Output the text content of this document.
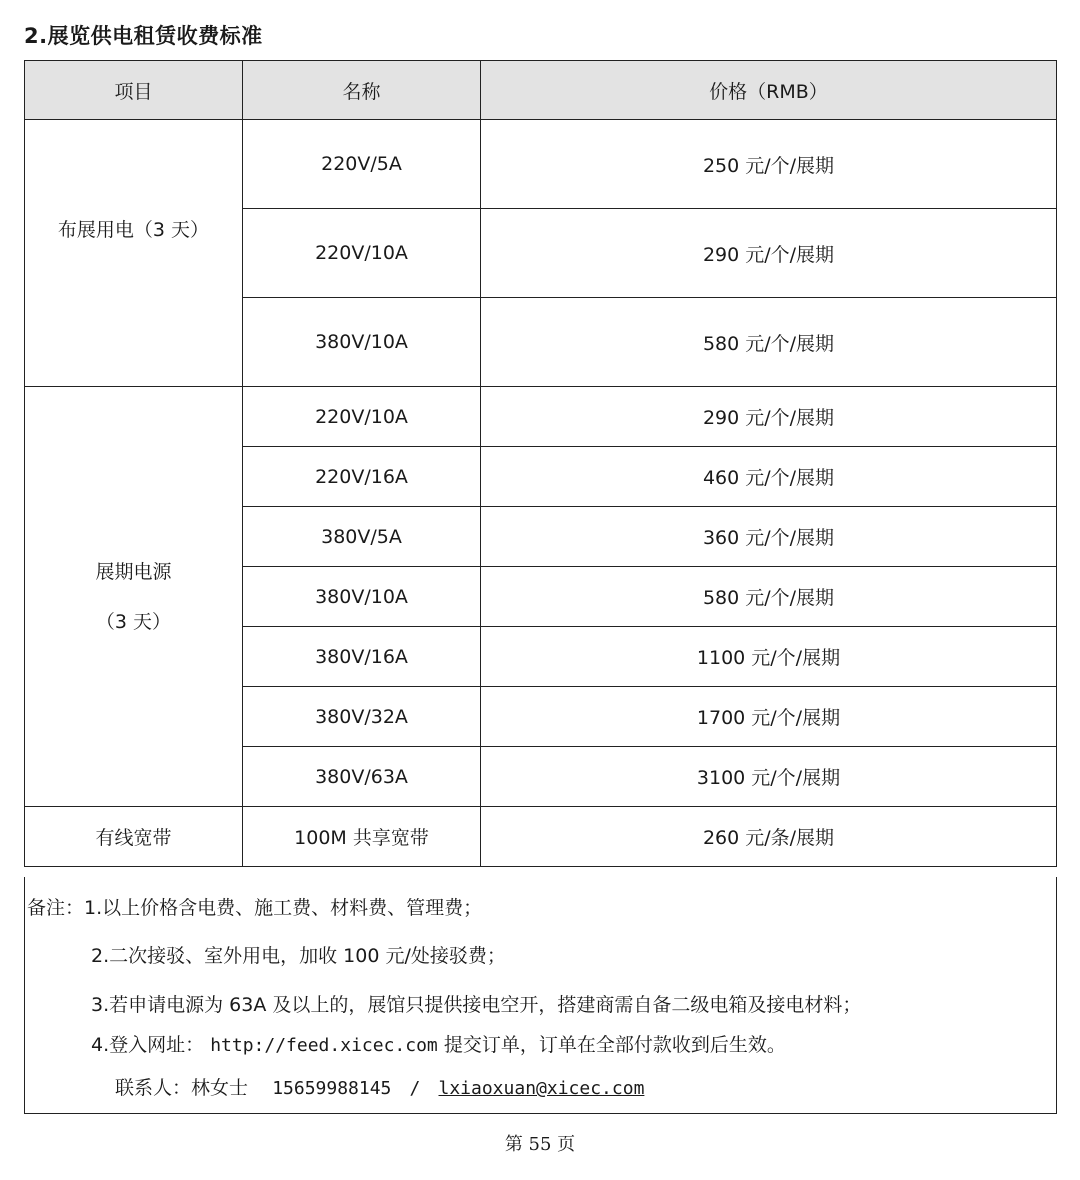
2.展览供电租赁收费标准
项目	名称	价格（RMB）
布展用电（3 天）	220V/5A	250 元/个/展期
	220V/10A	290 元/个/展期
	380V/10A	580 元/个/展期

展期电源
（3 天）	220V/10A	290 元/个/展期
	220V/16A	460 元/个/展期
	380V/5A	360 元/个/展期
	380V/10A	580 元/个/展期
	380V/16A	1100 元/个/展期
	380V/32A	1700 元/个/展期
	380V/63A	3100 元/个/展期
有线宽带	100M 共享宽带	260 元/条/展期
备注：1.以上价格含电费、施工费、材料费、管理费；
2.二次接驳、室外用电，加收 100 元/处接驳费；
3.若申请电源为 63A 及以上的，展馆只提供接电空开，搭建商需自备二级电箱及接电材料；
4.登入网址： http://feed.xicec.com 提交订单，订单在全部付款收到后生效。
联系人：林女士 15659988145 / lxiaoxuan@xicec.com
第 55 页
